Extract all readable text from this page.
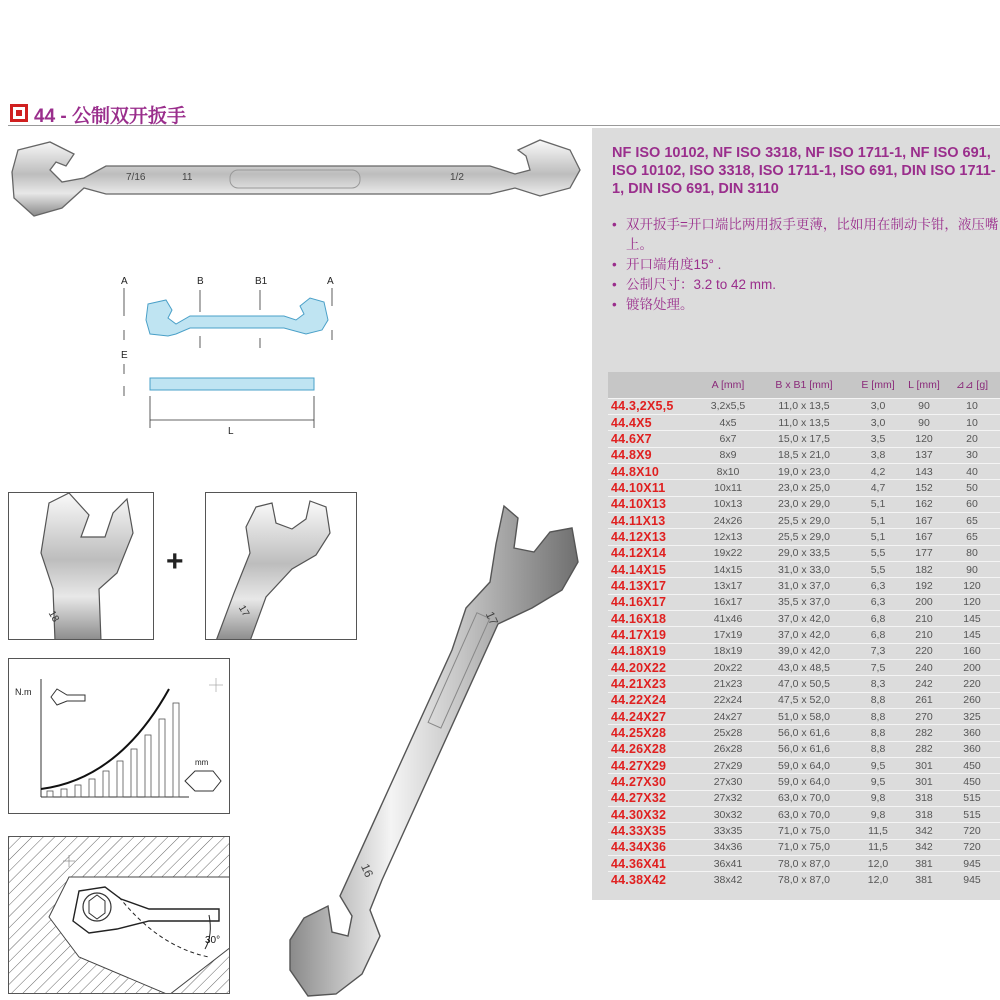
44 - 公制双开扳手
7/16	11	1/2
A	B	B1	A
E
L
18
+
17
N.m
mm
30°
17
16
NF ISO 10102, NF ISO 3318, NF ISO 1711-1, NF ISO 691, ISO 10102, ISO 3318, ISO 1711-1, ISO 691, DIN ISO 1711-1, DIN ISO 691, DIN 3110
• 双开扳手=开口端比两用扳手更薄，比如用在制动卡钳，液压嘴上。
• 开口端角度15° .
• 公制尺寸：3.2 to 42 mm.
• 镀铬处理。
	A [mm]	B x B1 [mm]	E [mm]	L [mm]	⊿⊿ [g]
44.3,2X5,5	3,2x5,5	11,0 x 13,5	3,0	90	10
44.4X5	4x5	11,0 x 13,5	3,0	90	10
44.6X7	6x7	15,0 x 17,5	3,5	120	20
44.8X9	8x9	18,5 x 21,0	3,8	137	30
44.8X10	8x10	19,0 x 23,0	4,2	143	40
44.10X11	10x11	23,0 x 25,0	4,7	152	50
44.10X13	10x13	23,0 x 29,0	5,1	162	60
44.11X13	24x26	25,5 x 29,0	5,1	167	65
44.12X13	12x13	25,5 x 29,0	5,1	167	65
44.12X14	19x22	29,0 x 33,5	5,5	177	80
44.14X15	14x15	31,0 x 33,0	5,5	182	90
44.13X17	13x17	31,0 x 37,0	6,3	192	120
44.16X17	16x17	35,5 x 37,0	6,3	200	120
44.16X18	41x46	37,0 x 42,0	6,8	210	145
44.17X19	17x19	37,0 x 42,0	6,8	210	145
44.18X19	18x19	39,0 x 42,0	7,3	220	160
44.20X22	20x22	43,0 x 48,5	7,5	240	200
44.21X23	21x23	47,0 x 50,5	8,3	242	220
44.22X24	22x24	47,5 x 52,0	8,8	261	260
44.24X27	24x27	51,0 x 58,0	8,8	270	325
44.25X28	25x28	56,0 x 61,6	8,8	282	360
44.26X28	26x28	56,0 x 61,6	8,8	282	360
44.27X29	27x29	59,0 x 64,0	9,5	301	450
44.27X30	27x30	59,0 x 64,0	9,5	301	450
44.27X32	27x32	63,0 x 70,0	9,8	318	515
44.30X32	30x32	63,0 x 70,0	9,8	318	515
44.33X35	33x35	71,0 x 75,0	11,5	342	720
44.34X36	34x36	71,0 x 75,0	11,5	342	720
44.36X41	36x41	78,0 x 87,0	12,0	381	945
44.38X42	38x42	78,0 x 87,0	12,0	381	945
